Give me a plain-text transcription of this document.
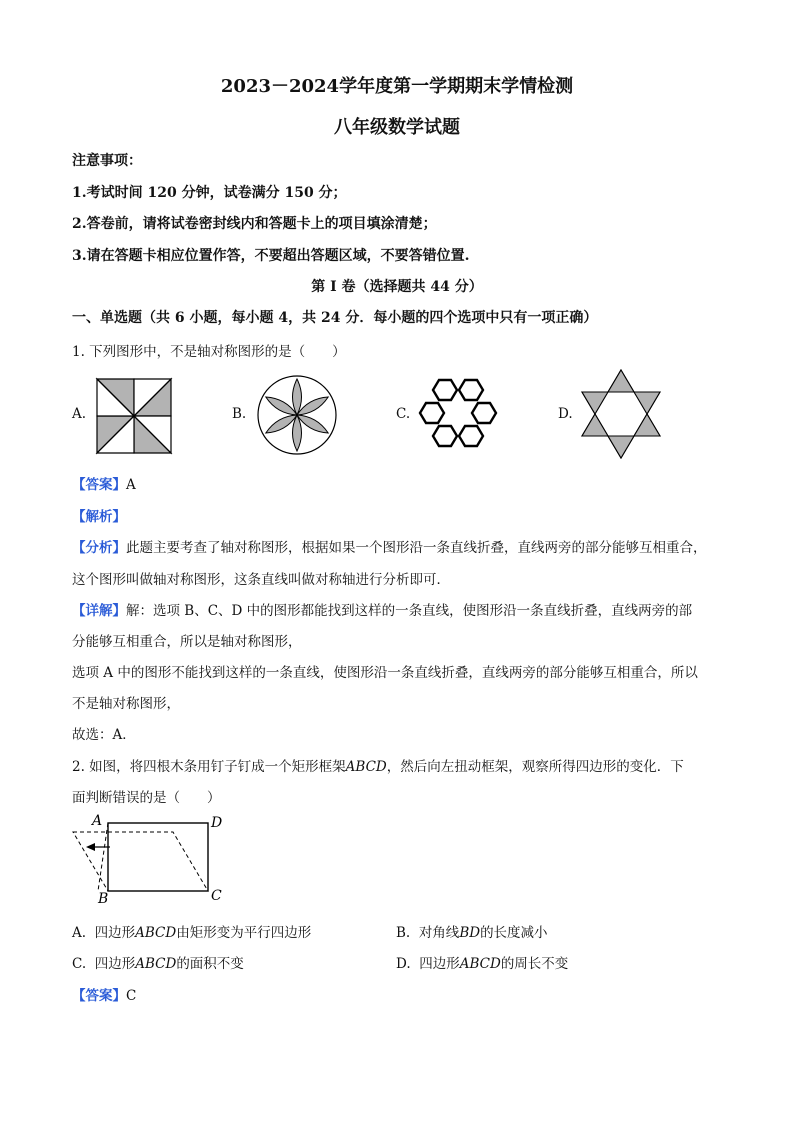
2023－2024学年度第一学期期末学情检测
八年级数学试题
注意事项：
1.考试时间 120 分钟，试卷满分 150 分；
2.答卷前，请将试卷密封线内和答题卡上的项目填涂清楚；
3.请在答题卡相应位置作答，不要超出答题区域，不要答错位置.
第 Ⅰ 卷（选择题共 44 分）
一、单选题（共 6 小题，每小题 4，共 24 分．每小题的四个选项中只有一项正确）
1. 下列图形中，不是轴对称图形的是（　　）
A.	B.	C.	D.
【答案】A
【解析】
【分析】此题主要考查了轴对称图形，根据如果一个图形沿一条直线折叠，直线两旁的部分能够互相重合，
这个图形叫做轴对称图形，这条直线叫做对称轴进行分析即可．
【详解】解：选项 B、C、D 中的图形都能找到这样的一条直线，使图形沿一条直线折叠，直线两旁的部
分能够互相重合，所以是轴对称图形，
选项 A 中的图形不能找到这样的一条直线，使图形沿一条直线折叠，直线两旁的部分能够互相重合，所以
不是轴对称图形，
故选：A．
2. 如图，将四根木条用钉子钉成一个矩形框架ABCD，然后向左扭动框架，观察所得四边形的变化．下
面判断错误的是（　　）
A	D
B	C
A. 四边形ABCD由矩形变为平行四边形	B. 对角线BD的长度减小
C. 四边形ABCD的面积不变	D. 四边形ABCD的周长不变
【答案】C
